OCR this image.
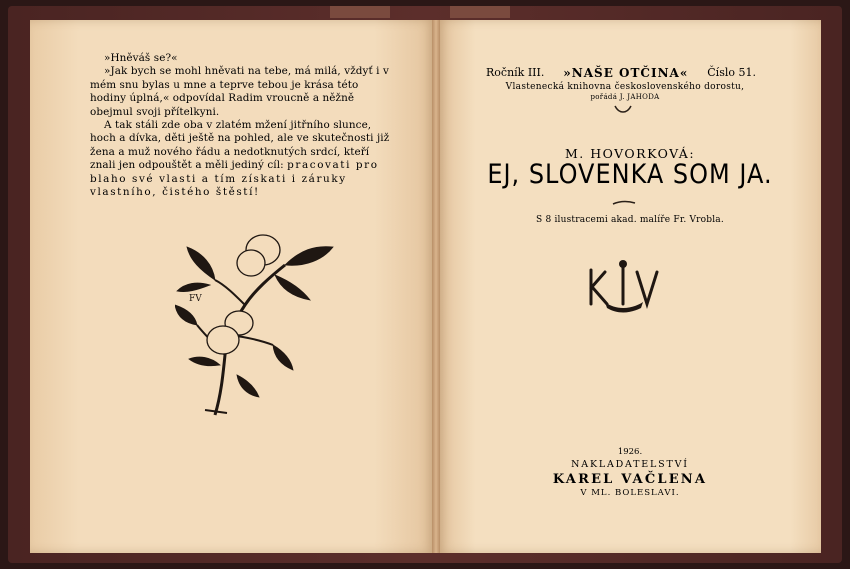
»Hněváš se?«

»Jak bych se mohl hněvati na tebe, má milá, vždyť i v mém snu bylas u mne a teprve tebou je krása této hodiny úplná,« odpovídal Radim vroucně a něžně obejmul svoji přítelkyni.

A tak stáli zde oba v zlatém mžení jitřního slunce, hoch a dívka, děti ještě na pohled, ale ve skutečnosti již žena a muž nového řádu a nedotknutých srdcí, kteří znali jen odpouštět a měli jediný cíl: pracovati pro blaho své vlasti a tím získati i záruky vlastního, čistého štěstí!

FV
Ročník III. »NAŠE OTČINA« Číslo 51.
Vlastenecká knihovna československého dorostu,
pořádá J. JAHODA
M. HOVORKOVÁ:
EJ, SLOVENKA SOM JA.
S 8 ilustracemi akad. malíře Fr. Vrobla.
1926.
NAKLADATELSTVÍ
KAREL VAČLENA
V ML. BOLESLAVI.
